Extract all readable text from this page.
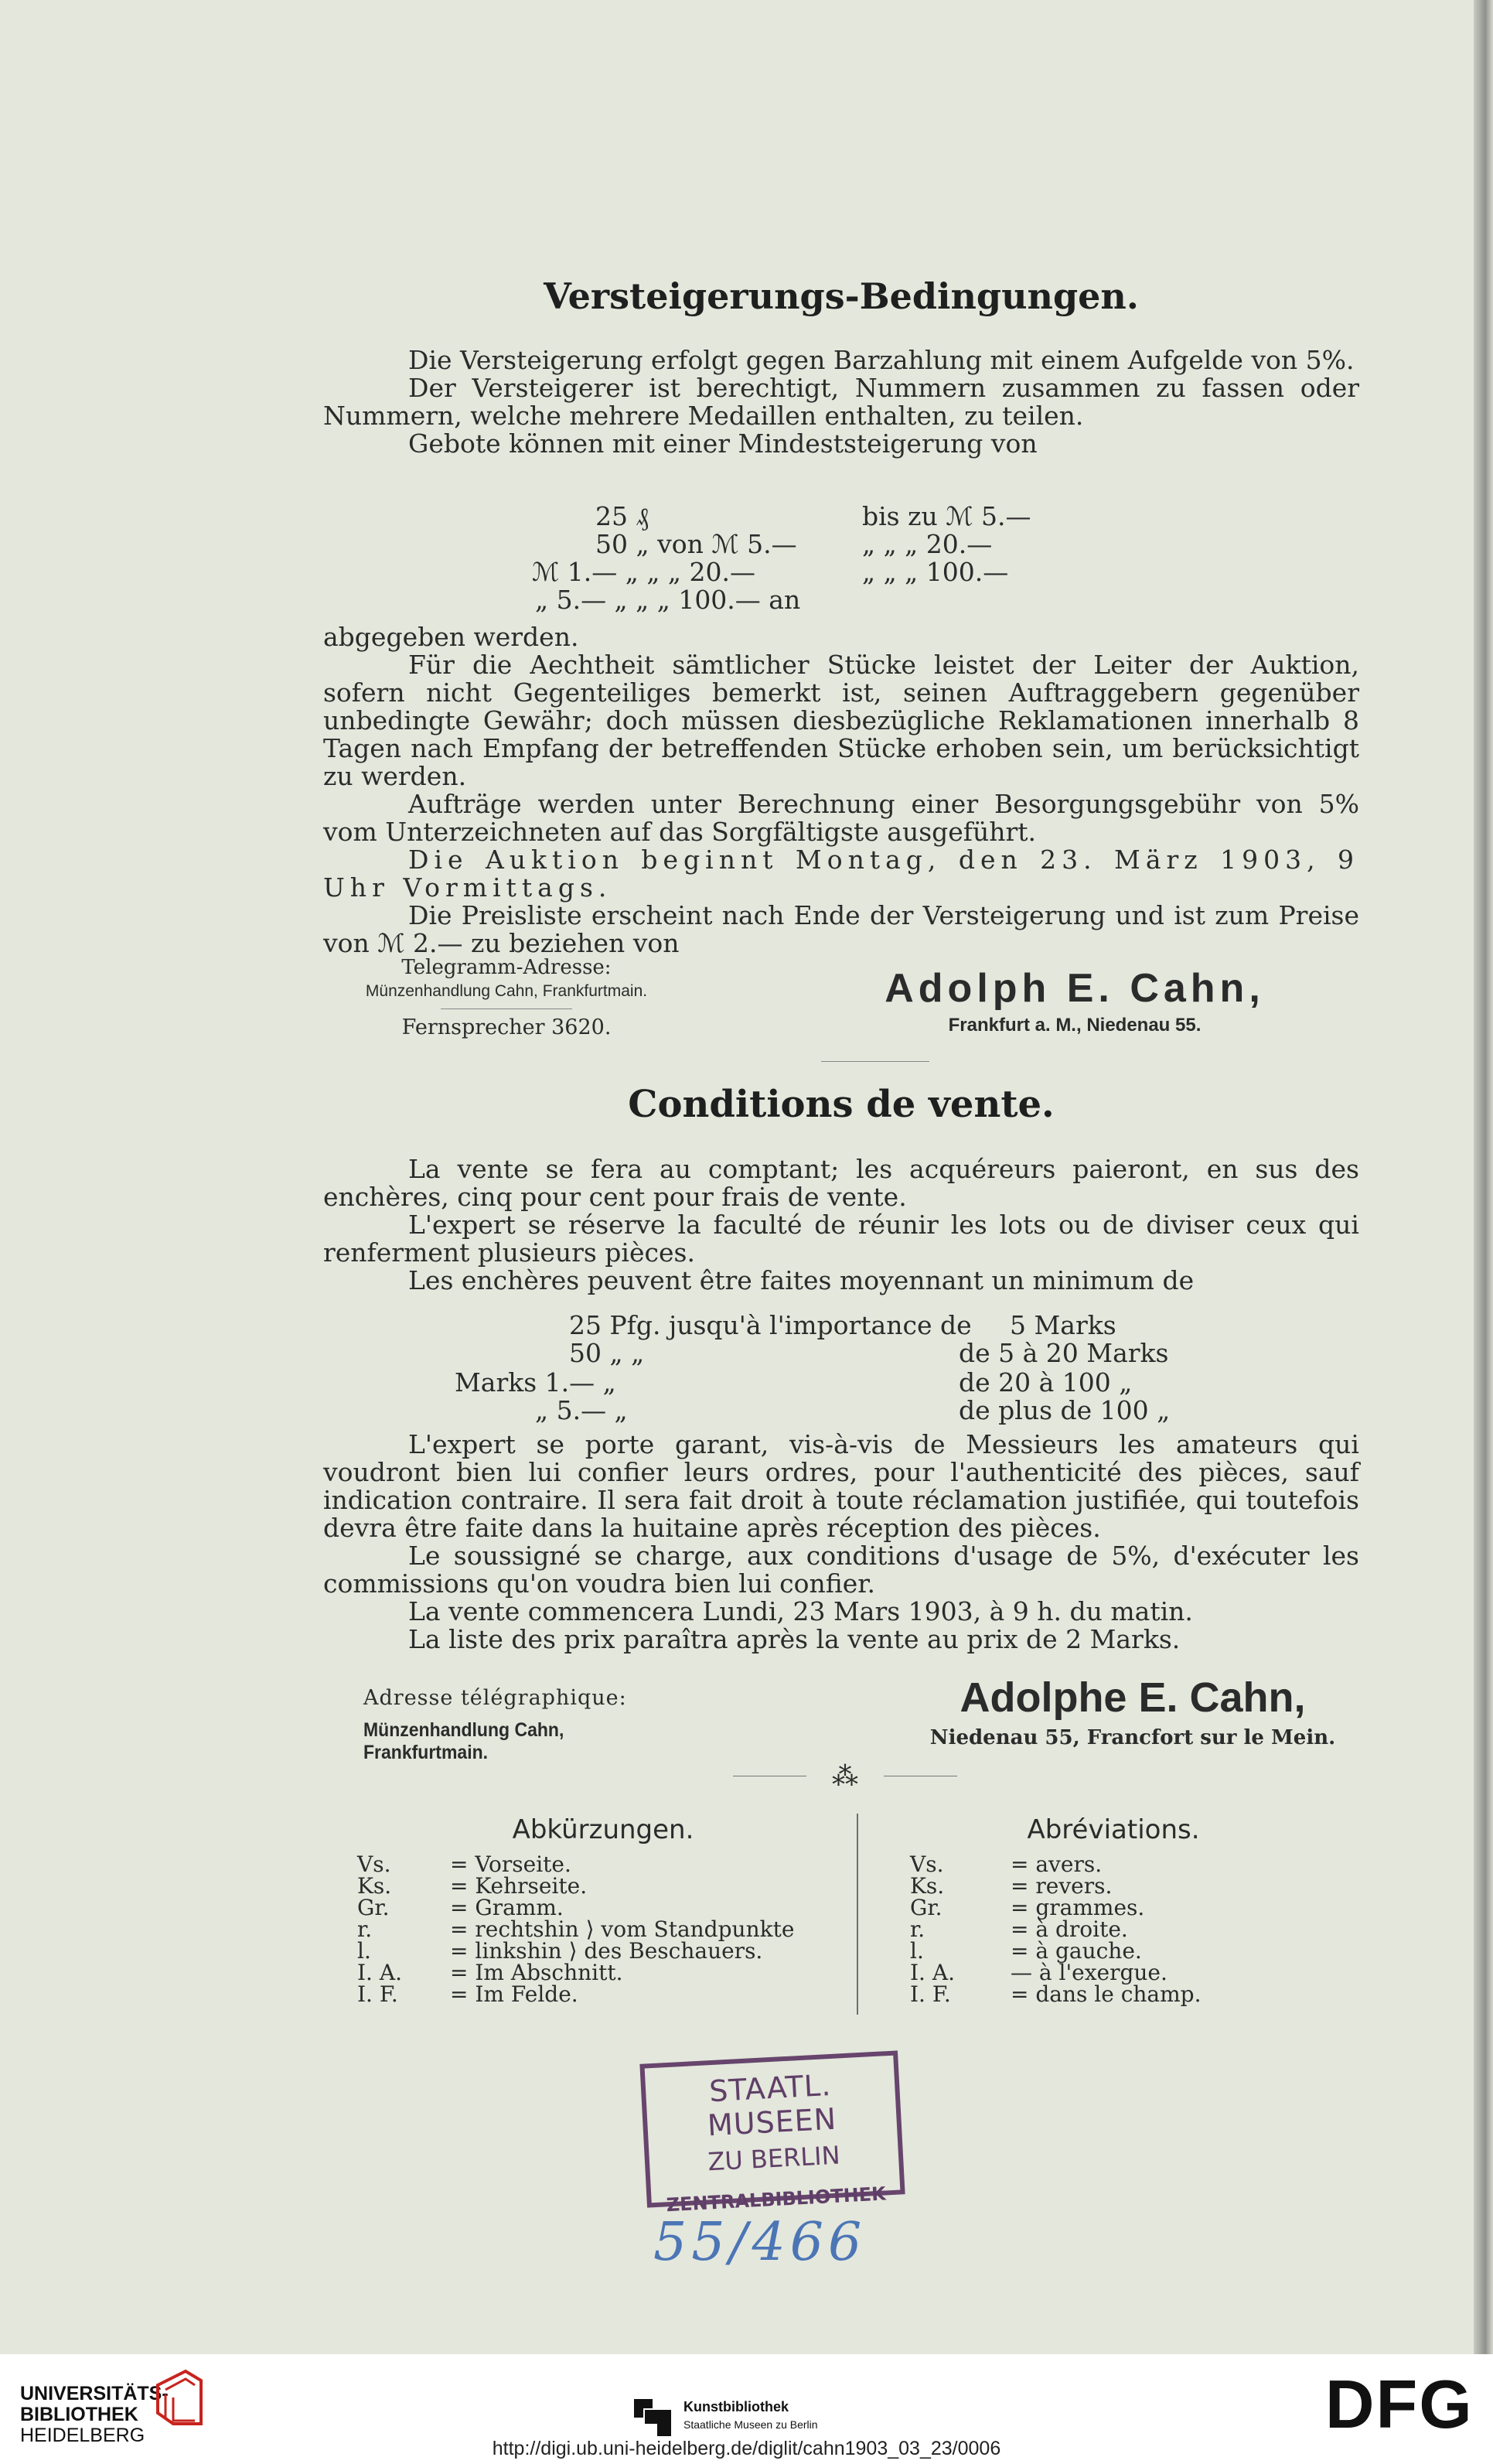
Versteigerungs-Bedingungen.

Die Versteigerung erfolgt gegen Barzahlung mit einem Aufgelde von 5%.

Der Versteigerer ist berechtigt, Nummern zusammen zu fassen oder Nummern, welche mehrere Medaillen enthalten, zu teilen.

Gebote können mit einer Mindeststeigerung von

25 ₰	bis zu ℳ 5.—
50 „ von ℳ 5.—	„ „ „ 20.—
ℳ 1.— „ „ „ 20.—	„ „ „ 100.—
„ 5.— „ „ „ 100.— an

abgegeben werden.

Für die Aechtheit sämtlicher Stücke leistet der Leiter der Auktion, sofern nicht Gegenteiliges bemerkt ist, seinen Auftraggebern gegenüber unbedingte Gewähr; doch müssen diesbezügliche Reklamationen innerhalb 8 Tagen nach Empfang der betreffenden Stücke erhoben sein, um berücksichtigt zu werden.

Aufträge werden unter Berechnung einer Besorgungsgebühr von 5% vom Unterzeichneten auf das Sorgfältigste ausgeführt.

Die Auktion beginnt Montag, den 23. März 1903, 9 Uhr Vormittags.

Die Preisliste erscheint nach Ende der Versteigerung und ist zum Preise von ℳ 2.— zu beziehen von

Telegramm-Adresse:
Münzenhandlung Cahn, Frankfurtmain.
Fernsprecher 3620.
Adolph E. Cahn,
Frankfurt a. M., Niedenau 55.
Conditions de vente.

La vente se fera au comptant; les acquéreurs paieront, en sus des enchères, cinq pour cent pour frais de vente.

L'expert se réserve la faculté de réunir les lots ou de diviser ceux qui renferment plusieurs pièces.

Les enchères peuvent être faites moyennant un minimum de

25 Pfg. jusqu'à l'importance de 5 Marks
50 „ „	de 5 à 20 Marks
Marks 1.— „	de 20 à 100 „
„ 5.— „	de plus de 100 „

L'expert se porte garant, vis-à-vis de Messieurs les amateurs qui voudront bien lui confier leurs ordres, pour l'authenticité des pièces, sauf indication contraire. Il sera fait droit à toute réclamation justifiée, qui toutefois devra être faite dans la huitaine après réception des pièces.

Le soussigné se charge, aux conditions d'usage de 5%, d'exécuter les commissions qu'on voudra bien lui confier.

La vente commencera Lundi, 23 Mars 1903, à 9 h. du matin.

La liste des prix paraîtra après la vente au prix de 2 Marks.

Adresse télégraphique:
Münzenhandlung Cahn, Frankfurtmain.
Adolphe E. Cahn,
Niedenau 55, Francfort sur le Mein.
⁂
Abkürzungen.	Abréviations.
Vs.	= Vorseite.
Ks.	= Kehrseite.
Gr.	= Gramm.
r.	= rechtshin ⟩ vom Standpunkte
l.	= linkshin ⟩ des Beschauers.
I. A. = Im Abschnitt.
I. F. = Im Felde.
Vs.	= avers.
Ks.	= revers.
Gr.	= grammes.
r.	= à droite.
l.	= à gauche.
I. A.	— à l'exergue.
I. F.	= dans le champ.
STAATL. MUSEEN
ZU BERLIN
ZENTRALBIBLIOTHEK
55/466
UNIVERSITÄTS-
BIBLIOTHEK
HEIDELBERG
Kunstbibliothek
Staatliche Museen zu Berlin	DFG
http://digi.ub.uni-heidelberg.de/diglit/cahn1903_03_23/0006
